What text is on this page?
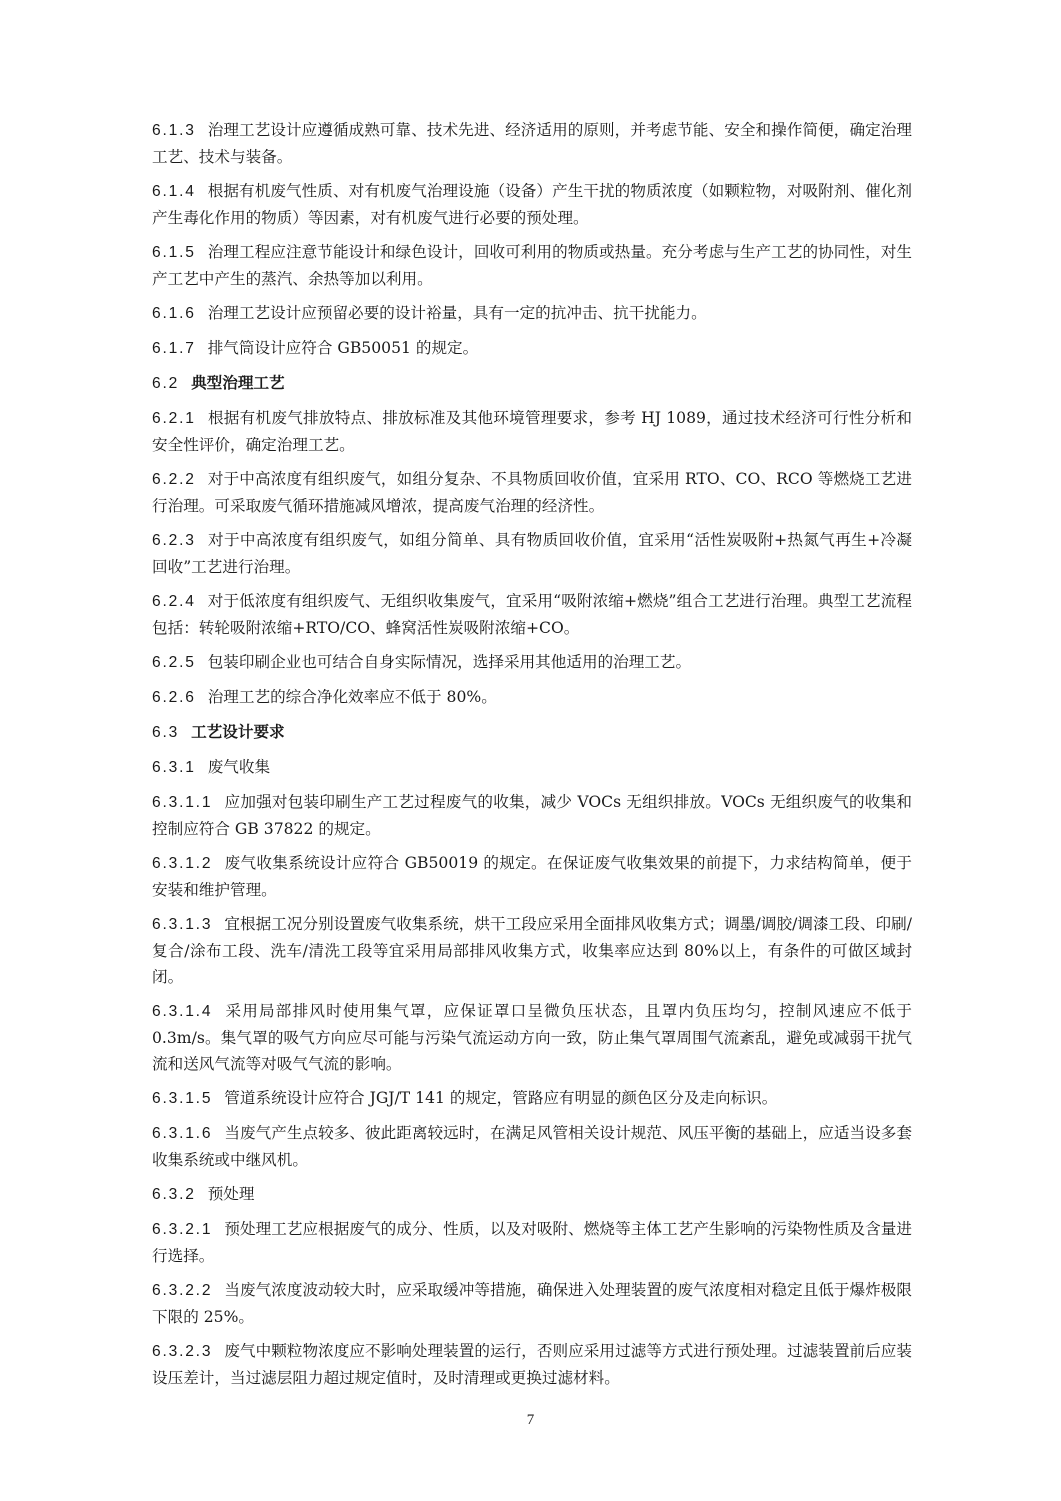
6.1.3 治理工艺设计应遵循成熟可靠、技术先进、经济适用的原则，并考虑节能、安全和操作简便，确定治理工艺、技术与装备。
6.1.4 根据有机废气性质、对有机废气治理设施（设备）产生干扰的物质浓度（如颗粒物，对吸附剂、催化剂产生毒化作用的物质）等因素，对有机废气进行必要的预处理。
6.1.5 治理工程应注意节能设计和绿色设计，回收可利用的物质或热量。充分考虑与生产工艺的协同性，对生产工艺中产生的蒸汽、余热等加以利用。
6.1.6 治理工艺设计应预留必要的设计裕量，具有一定的抗冲击、抗干扰能力。
6.1.7 排气筒设计应符合 GB50051 的规定。
6.2 典型治理工艺
6.2.1 根据有机废气排放特点、排放标准及其他环境管理要求，参考 HJ 1089，通过技术经济可行性分析和安全性评价，确定治理工艺。
6.2.2 对于中高浓度有组织废气，如组分复杂、不具物质回收价值，宜采用 RTO、CO、RCO 等燃烧工艺进行治理。可采取废气循环措施减风增浓，提高废气治理的经济性。
6.2.3 对于中高浓度有组织废气，如组分简单、具有物质回收价值，宜采用“活性炭吸附+热氮气再生+冷凝回收”工艺进行治理。
6.2.4 对于低浓度有组织废气、无组织收集废气，宜采用“吸附浓缩+燃烧”组合工艺进行治理。典型工艺流程包括：转轮吸附浓缩+RTO/CO、蜂窝活性炭吸附浓缩+CO。
6.2.5 包装印刷企业也可结合自身实际情况，选择采用其他适用的治理工艺。
6.2.6 治理工艺的综合净化效率应不低于 80%。
6.3 工艺设计要求
6.3.1 废气收集
6.3.1.1 应加强对包装印刷生产工艺过程废气的收集，减少 VOCs 无组织排放。VOCs 无组织废气的收集和控制应符合 GB 37822 的规定。
6.3.1.2 废气收集系统设计应符合 GB50019 的规定。在保证废气收集效果的前提下，力求结构简单，便于安装和维护管理。
6.3.1.3 宜根据工况分别设置废气收集系统，烘干工段应采用全面排风收集方式；调墨/调胶/调漆工段、印刷/复合/涂布工段、洗车/清洗工段等宜采用局部排风收集方式，收集率应达到 80%以上，有条件的可做区域封闭。
6.3.1.4 采用局部排风时使用集气罩，应保证罩口呈微负压状态，且罩内负压均匀，控制风速应不低于 0.3m/s。集气罩的吸气方向应尽可能与污染气流运动方向一致，防止集气罩周围气流紊乱，避免或减弱干扰气流和送风气流等对吸气气流的影响。
6.3.1.5 管道系统设计应符合 JGJ/T 141 的规定，管路应有明显的颜色区分及走向标识。
6.3.1.6 当废气产生点较多、彼此距离较远时，在满足风管相关设计规范、风压平衡的基础上，应适当设多套收集系统或中继风机。
6.3.2 预处理
6.3.2.1 预处理工艺应根据废气的成分、性质，以及对吸附、燃烧等主体工艺产生影响的污染物性质及含量进行选择。
6.3.2.2 当废气浓度波动较大时，应采取缓冲等措施，确保进入处理装置的废气浓度相对稳定且低于爆炸极限下限的 25%。
6.3.2.3 废气中颗粒物浓度应不影响处理装置的运行，否则应采用过滤等方式进行预处理。过滤装置前后应装设压差计，当过滤层阻力超过规定值时，及时清理或更换过滤材料。
7
